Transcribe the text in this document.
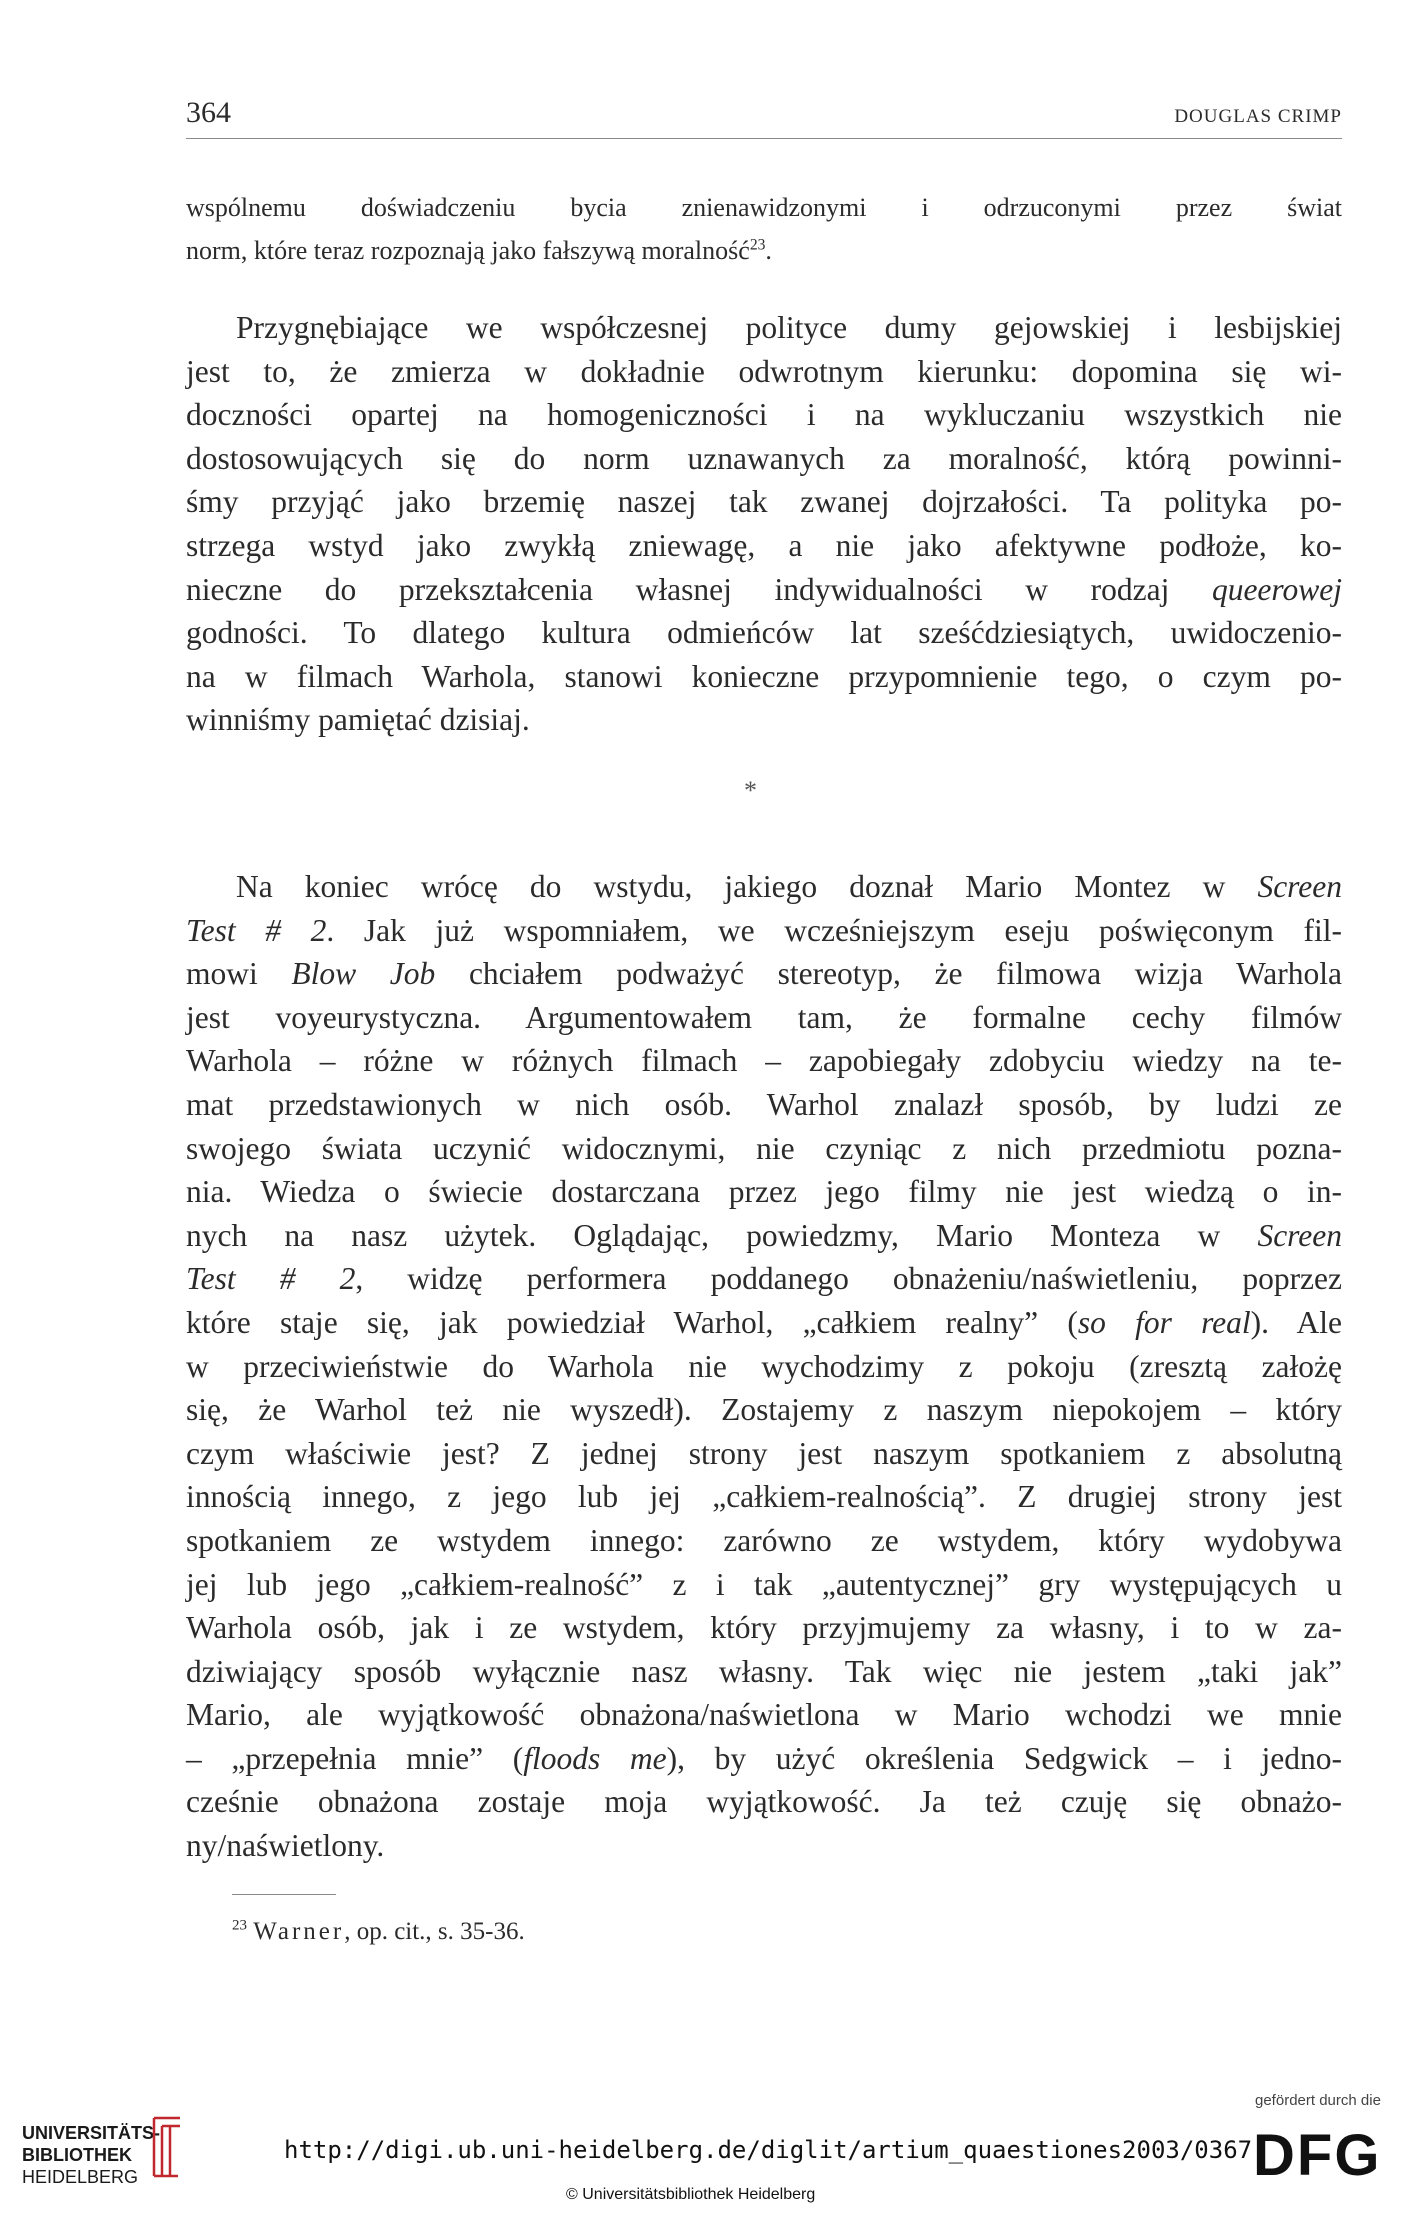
364	DOUGLAS CRIMP

wspólnemu doświadczeniu bycia znienawidzonymi i odrzuconymi przez świat

norm, które teraz rozpoznają jako fałszywą moralność$^{23}$.

Przygnębiające we współczesnej polityce dumy gejowskiej i lesbijskiej

jest to, że zmierza w dokładnie odwrotnym kierunku: dopomina się wi-

doczności opartej na homogeniczności i na wykluczaniu wszystkich nie

dostosowujących się do norm uznawanych za moralność, którą powinni-

śmy przyjąć jako brzemię naszej tak zwanej dojrzałości. Ta polityka po-

strzega wstyd jako zwykłą zniewagę, a nie jako afektywne podłoże, ko-

nieczne do przekształcenia własnej indywidualności w rodzaj queerowej

godności. To dlatego kultura odmieńców lat sześćdziesiątych, uwidoczenio-

na w filmach Warhola, stanowi konieczne przypomnienie tego, o czym po-

winniśmy pamiętać dzisiaj.

*

Na koniec wrócę do wstydu, jakiego doznał Mario Montez w Screen

Test # 2. Jak już wspomniałem, we wcześniejszym eseju poświęconym fil-

mowi Blow Job chciałem podważyć stereotyp, że filmowa wizja Warhola

jest voyeurystyczna. Argumentowałem tam, że formalne cechy filmów

Warhola – różne w różnych filmach – zapobiegały zdobyciu wiedzy na te-

mat przedstawionych w nich osób. Warhol znalazł sposób, by ludzi ze

swojego świata uczynić widocznymi, nie czyniąc z nich przedmiotu pozna-

nia. Wiedza o świecie dostarczana przez jego filmy nie jest wiedzą o in-

nych na nasz użytek. Oglądając, powiedzmy, Mario Monteza w Screen

Test # 2, widzę performera poddanego obnażeniu/naświetleniu, poprzez

które staje się, jak powiedział Warhol, „całkiem realny” (so for real). Ale

w przeciwieństwie do Warhola nie wychodzimy z pokoju (zresztą założę

się, że Warhol też nie wyszedł). Zostajemy z naszym niepokojem – który

czym właściwie jest? Z jednej strony jest naszym spotkaniem z absolutną

innością innego, z jego lub jej „całkiem-realnością”. Z drugiej strony jest

spotkaniem ze wstydem innego: zarówno ze wstydem, który wydobywa

jej lub jego „całkiem-realność” z i tak „autentycznej” gry występujących u

Warhola osób, jak i ze wstydem, który przyjmujemy za własny, i to w za-

dziwiający sposób wyłącznie nasz własny. Tak więc nie jestem „taki jak”

Mario, ale wyjątkowość obnażona/naświetlona w Mario wchodzi we mnie

– „przepełnia mnie” (floods me), by użyć określenia Sedgwick – i jedno-

cześnie obnażona zostaje moja wyjątkowość. Ja też czuję się obnażo-

ny/naświetlony.

$^{23}$ Warner, op. cit., s. 35-36.
UNIVERSITÄTS-
BIBLIOTHEK
HEIDELBERG
http://digi.ub.uni-heidelberg.de/diglit/artium_quaestiones2003/0367
© Universitätsbibliothek Heidelberg
gefördert durch die
DFG
